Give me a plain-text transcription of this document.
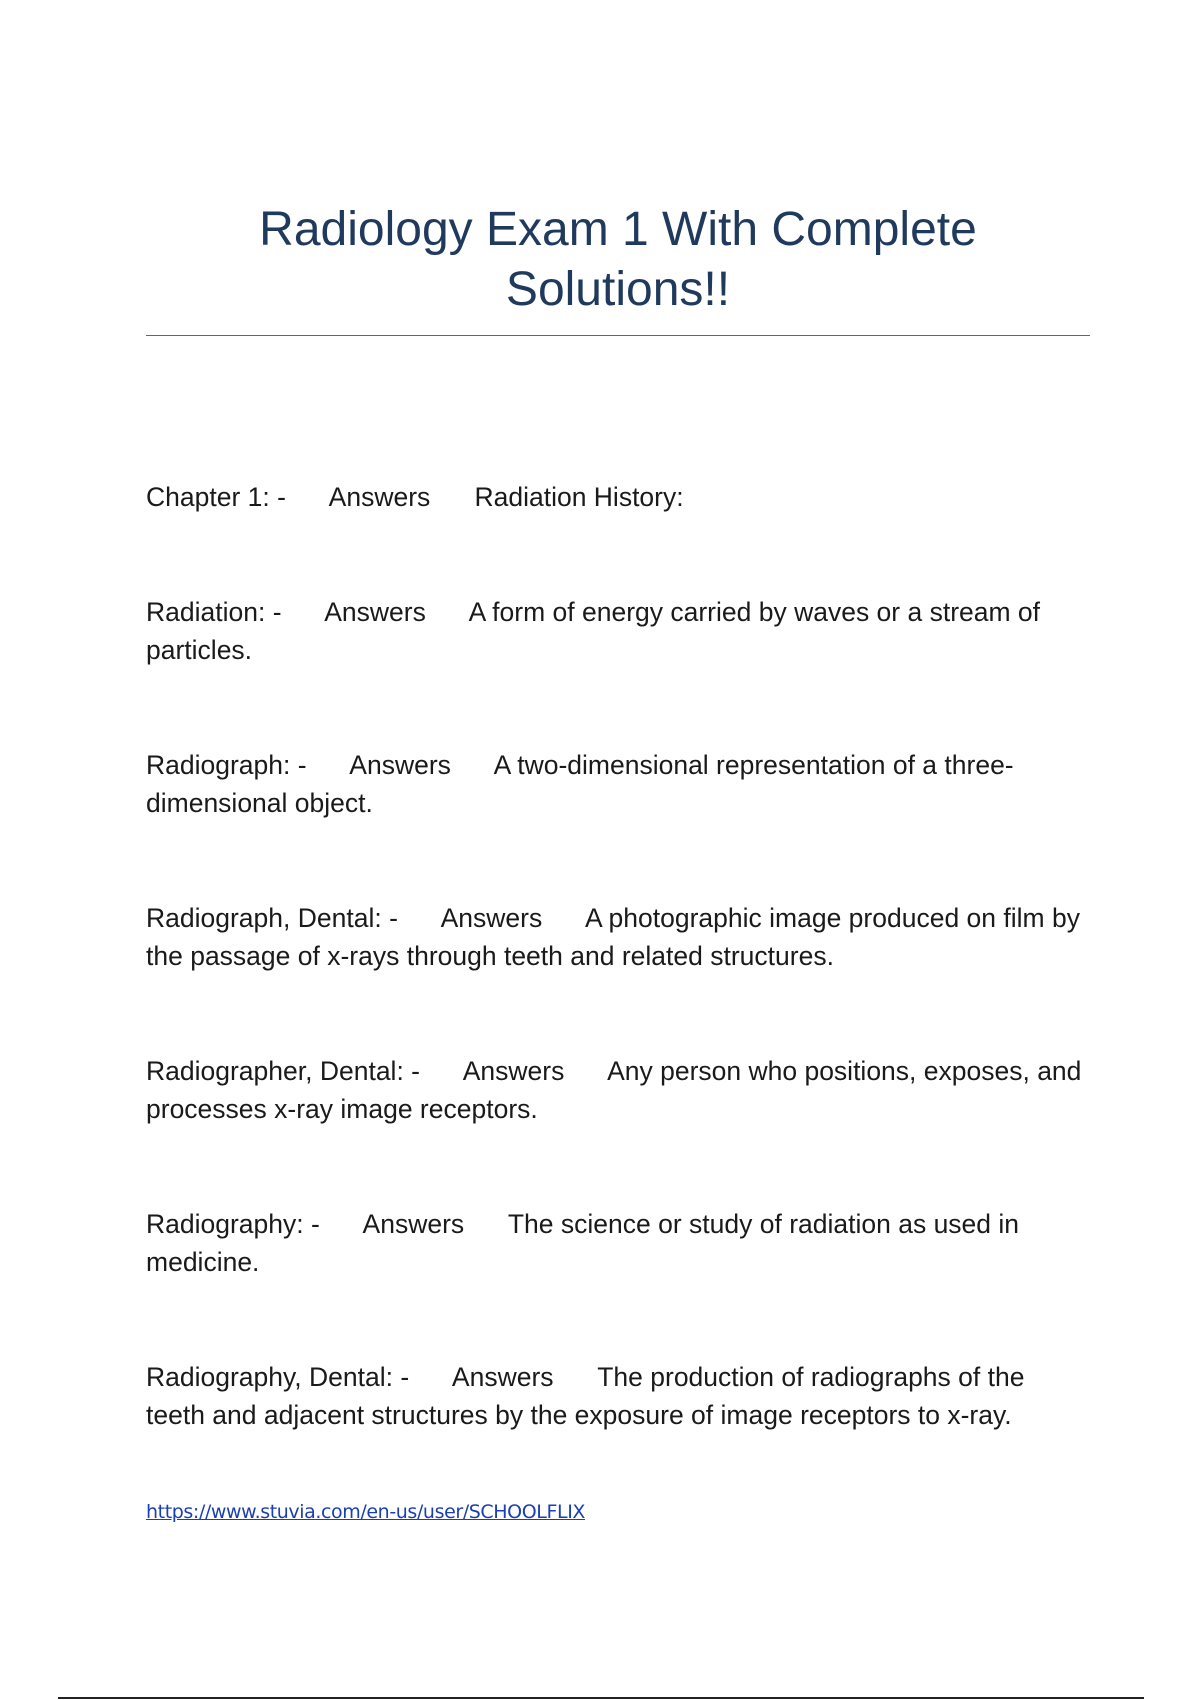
Radiology Exam 1 With Complete
Solutions!!

Chapter 1: - Answers Radiation History:

Radiation: - Answers A form of energy carried by waves or a stream of particles.

Radiograph: - Answers A two-dimensional representation of a three-dimensional object.

Radiograph, Dental: - Answers A photographic image produced on film by the passage of x-rays through teeth and related structures.

Radiographer, Dental: - Answers Any person who positions, exposes, and processes x-ray image receptors.

Radiography: - Answers The science or study of radiation as used in medicine.

Radiography, Dental: - Answers The production of radiographs of the teeth and adjacent structures by the exposure of image receptors to x-ray.

https://www.stuvia.com/en-us/user/SCHOOLFLIX
